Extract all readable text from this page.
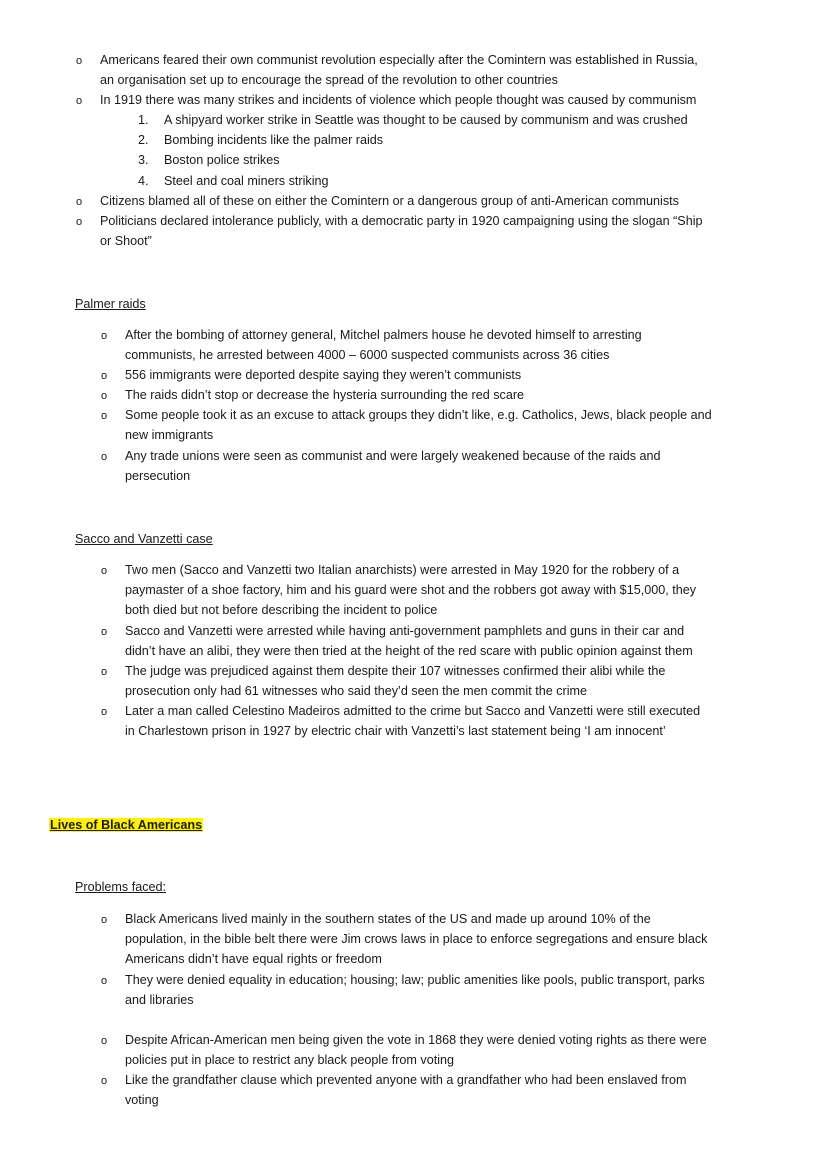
o Americans feared their own communist revolution especially after the Comintern was established in Russia,
an organisation set up to encourage the spread of the revolution to other countries
o In 1919 there was many strikes and incidents of violence which people thought was caused by communism
1. A shipyard worker strike in Seattle was thought to be caused by communism and was crushed
2. Bombing incidents like the palmer raids
3. Boston police strikes
4. Steel and coal miners striking
o Citizens blamed all of these on either the Comintern or a dangerous group of anti-American communists
o Politicians declared intolerance publicly, with a democratic party in 1920 campaigning using the slogan “Ship
or Shoot”
Palmer raids
o After the bombing of attorney general, Mitchel palmers house he devoted himself to arresting
communists, he arrested between 4000 – 6000 suspected communists across 36 cities
o 556 immigrants were deported despite saying they weren’t communists
o The raids didn’t stop or decrease the hysteria surrounding the red scare
o Some people took it as an excuse to attack groups they didn’t like, e.g. Catholics, Jews, black people and
new immigrants
o Any trade unions were seen as communist and were largely weakened because of the raids and
persecution
Sacco and Vanzetti case
o Two men (Sacco and Vanzetti two Italian anarchists) were arrested in May 1920 for the robbery of a
paymaster of a shoe factory, him and his guard were shot and the robbers got away with $15,000, they
both died but not before describing the incident to police
o Sacco and Vanzetti were arrested while having anti-government pamphlets and guns in their car and
didn’t have an alibi, they were then tried at the height of the red scare with public opinion against them
o The judge was prejudiced against them despite their 107 witnesses confirmed their alibi while the
prosecution only had 61 witnesses who said they’d seen the men commit the crime
o Later a man called Celestino Madeiros admitted to the crime but Sacco and Vanzetti were still executed
in Charlestown prison in 1927 by electric chair with Vanzetti’s last statement being ‘I am innocent’
Lives of Black Americans
Problems faced:
o Black Americans lived mainly in the southern states of the US and made up around 10% of the
population, in the bible belt there were Jim crows laws in place to enforce segregations and ensure black
Americans didn’t have equal rights or freedom
o They were denied equality in education; housing; law; public amenities like pools, public transport, parks
and libraries
o Despite African-American men being given the vote in 1868 they were denied voting rights as there were
policies put in place to restrict any black people from voting
o Like the grandfather clause which prevented anyone with a grandfather who had been enslaved from
voting
